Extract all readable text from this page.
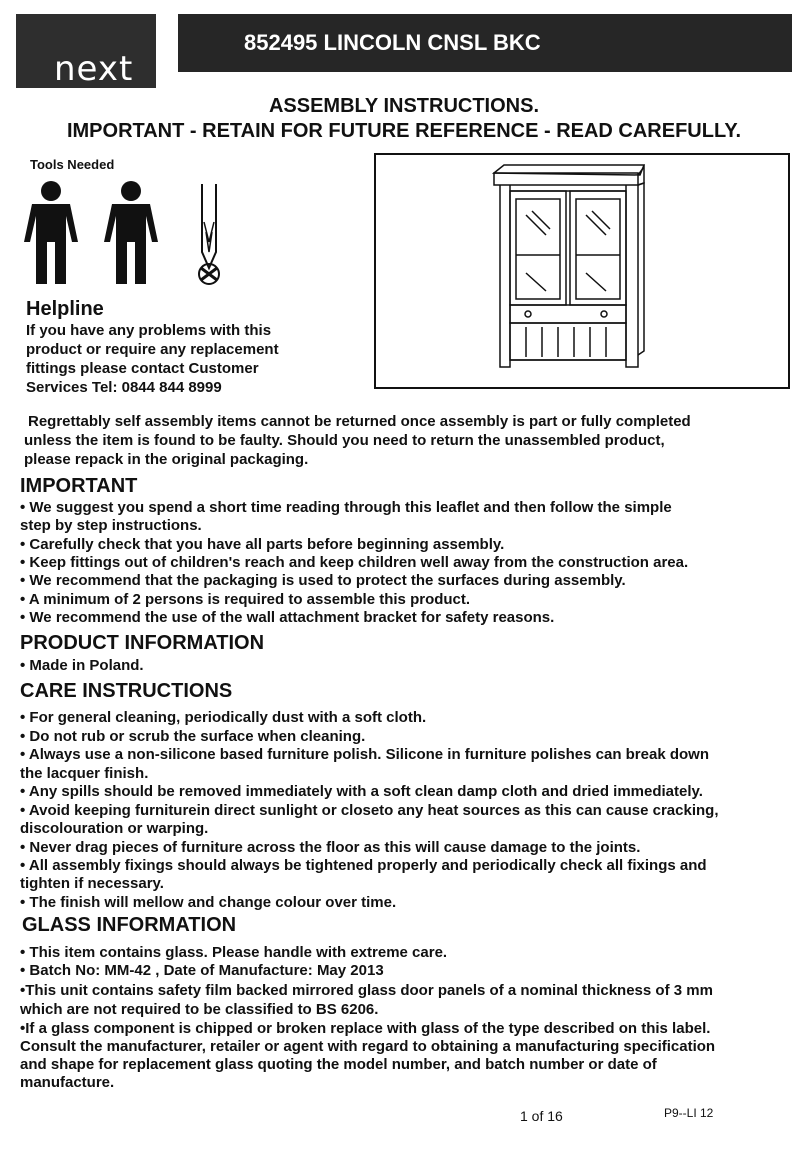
next
852495 LINCOLN CNSL BKC
ASSEMBLY INSTRUCTIONS.
IMPORTANT - RETAIN FOR FUTURE REFERENCE - READ CAREFULLY.
Tools Needed
Helpline
If you have any problems with this
product or require any replacement
fittings please contact Customer
Services Tel: 0844 844 8999
Regrettably self assembly items cannot be returned once assembly is part or fully completed
unless the item is found to be faulty. Should you need to return the unassembled product,
please repack in the original packaging.
IMPORTANT
• We suggest you spend a short time reading through this leaflet and then follow the simple
step by step instructions.
• Carefully check that you have all parts before beginning assembly.
• Keep fittings out of children's reach and keep children well away from the construction area.
• We recommend that the packaging is used to protect the surfaces during assembly.
• A minimum of 2 persons is required to assemble this product.
• We recommend the use of the wall attachment bracket for safety reasons.
PRODUCT INFORMATION
• Made in Poland.
CARE INSTRUCTIONS
• For general cleaning, periodically dust with a soft cloth.
• Do not rub or scrub the surface when cleaning.
• Always use a non-silicone based furniture polish. Silicone in furniture polishes can break down
the lacquer finish.
• Any spills should be removed immediately with a soft clean damp cloth and dried immediately.
• Avoid keeping furniturein direct sunlight or closeto any heat sources as this can cause cracking,
discolouration or warping.
• Never drag pieces of furniture across the floor as this will cause damage to the joints.
• All assembly fixings should always be tightened properly and periodically check all fixings and
tighten if necessary.
• The finish will mellow and change colour over time.
GLASS INFORMATION
• This item contains glass. Please handle with extreme care.
• Batch No: MM-42 , Date of Manufacture: May 2013
•This unit contains safety film backed mirrored glass door panels of a nominal thickness of 3 mm
which are not required to be classified to BS 6206.
•If a glass component is chipped or broken replace with glass of the type described on this label.
Consult the manufacturer, retailer or agent with regard to obtaining a manufacturing specification
and shape for replacement glass quoting the model number, and batch number or date of
manufacture.
1 of 16	P9--LI 12
